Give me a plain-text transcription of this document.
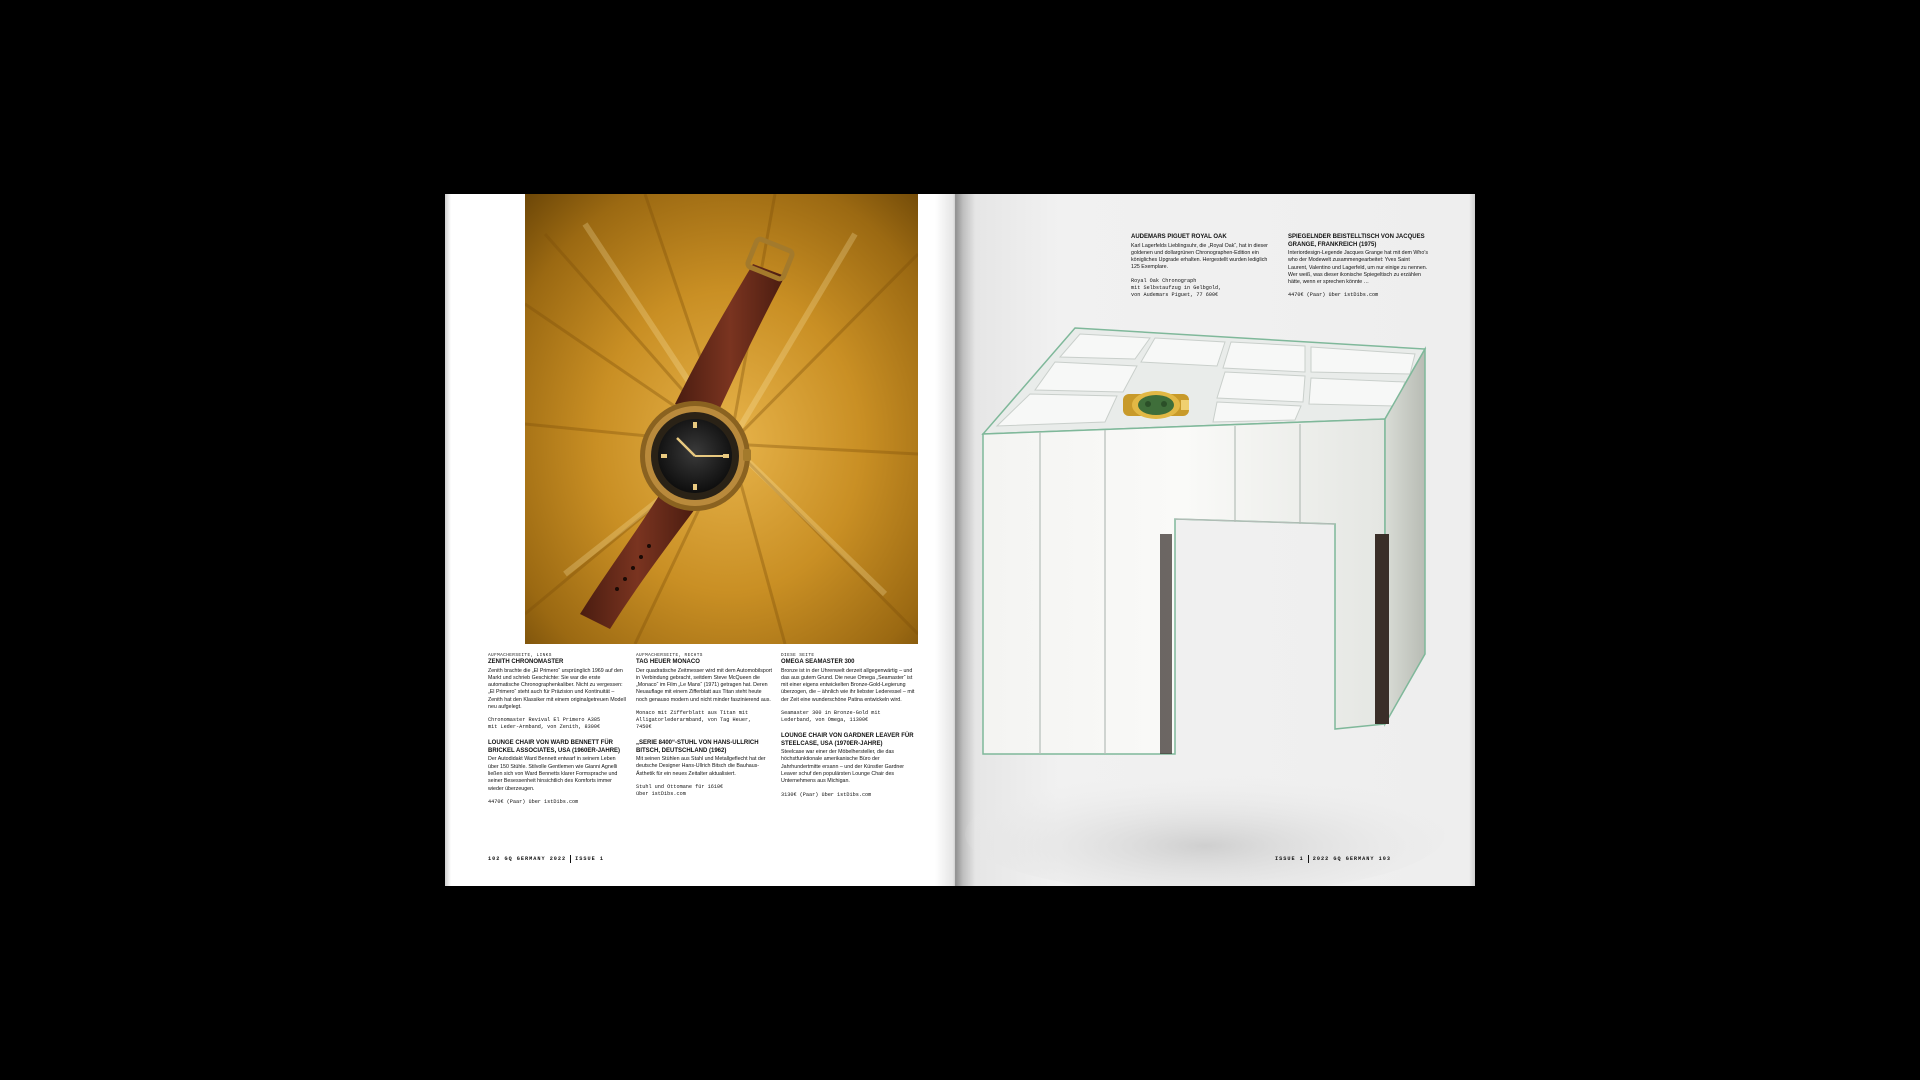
AUFMACHERSEITE, LINKS
ZENITH CHRONOMASTER

Zenith brachte die „El Primero“ ursprünglich 1969 auf den Markt und schrieb Geschichte: Sie war die erste automatische Chronographenkaliber. Nicht zu vergessen: „El Primero“ steht auch für Präzision und Kontinuität – Zenith hat den Klassiker mit einem originalgetreuen Modell neu aufgelegt.

Chronomaster Revival El Primero A385
mit Leder-Armband, von Zenith, 8300€

LOUNGE CHAIR VON WARD BENNETT FÜR BRICKEL ASSOCIATES, USA (1960ER-JAHRE)

Der Autodidakt Ward Bennett entwarf in seinem Leben über 150 Stühle. Stilvolle Gentlemen wie Gianni Agnelli ließen sich von Ward Bennetts klarer Formsprache und seiner Besessenheit hinsichtlich des Komforts immer wieder überzeugen.

4470€ (Paar) über 1stDibs.com

AUFMACHERSEITE, RECHTS
TAG HEUER MONACO

Der quadratische Zeitmesser wird mit dem Automobilsport in Verbindung gebracht, seitdem Steve McQueen die „Monaco“ im Film „Le Mans“ (1971) getragen hat. Deren Neuauflage mit einem Zifferblatt aus Titan steht heute noch genauso modern und nicht minder faszinierend aus.

Monaco mit Zifferblatt aus Titan mit
Alligatorlederarmband, von Tag Heuer,
7450€

„SERIE 8400“-STUHL VON HANS-ULLRICH BITSCH, DEUTSCHLAND (1962)

Mit seinen Stühlen aus Stahl und Metallgeflecht hat der deutsche Designer Hans-Ullrich Bitsch die Bauhaus-Ästhetik für ein neues Zeitalter aktualisiert.

Stuhl und Ottomane für 1610€
über 1stDibs.com

DIESE SEITE
OMEGA SEAMASTER 300

Bronze ist in der Uhrenwelt derzeit allgegenwärtig – und das aus gutem Grund. Die neue Omega „Seamaster“ ist mit einer eigens entwickelten Bronze-Gold-Legierung überzogen, die – ähnlich wie ihr liebster Lederessel – mit der Zeit eine wunderschöne Patina entwickeln wird.

Seamaster 300 in Bronze-Gold mit
Lederband, von Omega, 11300€

LOUNGE CHAIR VON GARDNER LEAVER FÜR STEELCASE, USA (1970ER-JAHRE)

Steelcase war einer der Möbelhersteller, die das höchstfunktionale amerikanische Büro der Jahrhundertmitte ersann – und der Künstler Gardner Leaver schuf den populärsten Lounge Chair des Unternehmens aus Michigan.

3130€ (Paar) über 1stDibs.com

102 GQ GERMANY 2022 ISSUE 1
AUDEMARS PIGUET ROYAL OAK

Karl Lagerfelds Lieblingsuhr, die „Royal Oak“, hat in dieser goldenen und dollargrünen Chronographen-Edition ein königliches Upgrade erhalten. Hergestellt wurden lediglich 125 Exemplare.

Royal Oak Chronograph
mit Selbstaufzug in Gelbgold,
von Audemars Piguet, 77 600€

SPIEGELNDER BEISTELLTISCH VON JACQUES GRANGE, FRANKREICH (1975)

Interiordesign-Legende Jacques Grange hat mit dem Who's who der Modewelt zusammengearbeitet: Yves Saint Laurent, Valentino und Lagerfeld, um nur einige zu nennen. Wer weiß, was dieser ikonische Spiegeltisch zu erzählen hätte, wenn er sprechen könnte …

4470€ (Paar) über 1stDibs.com

ISSUE 1 2022 GQ GERMANY 103
